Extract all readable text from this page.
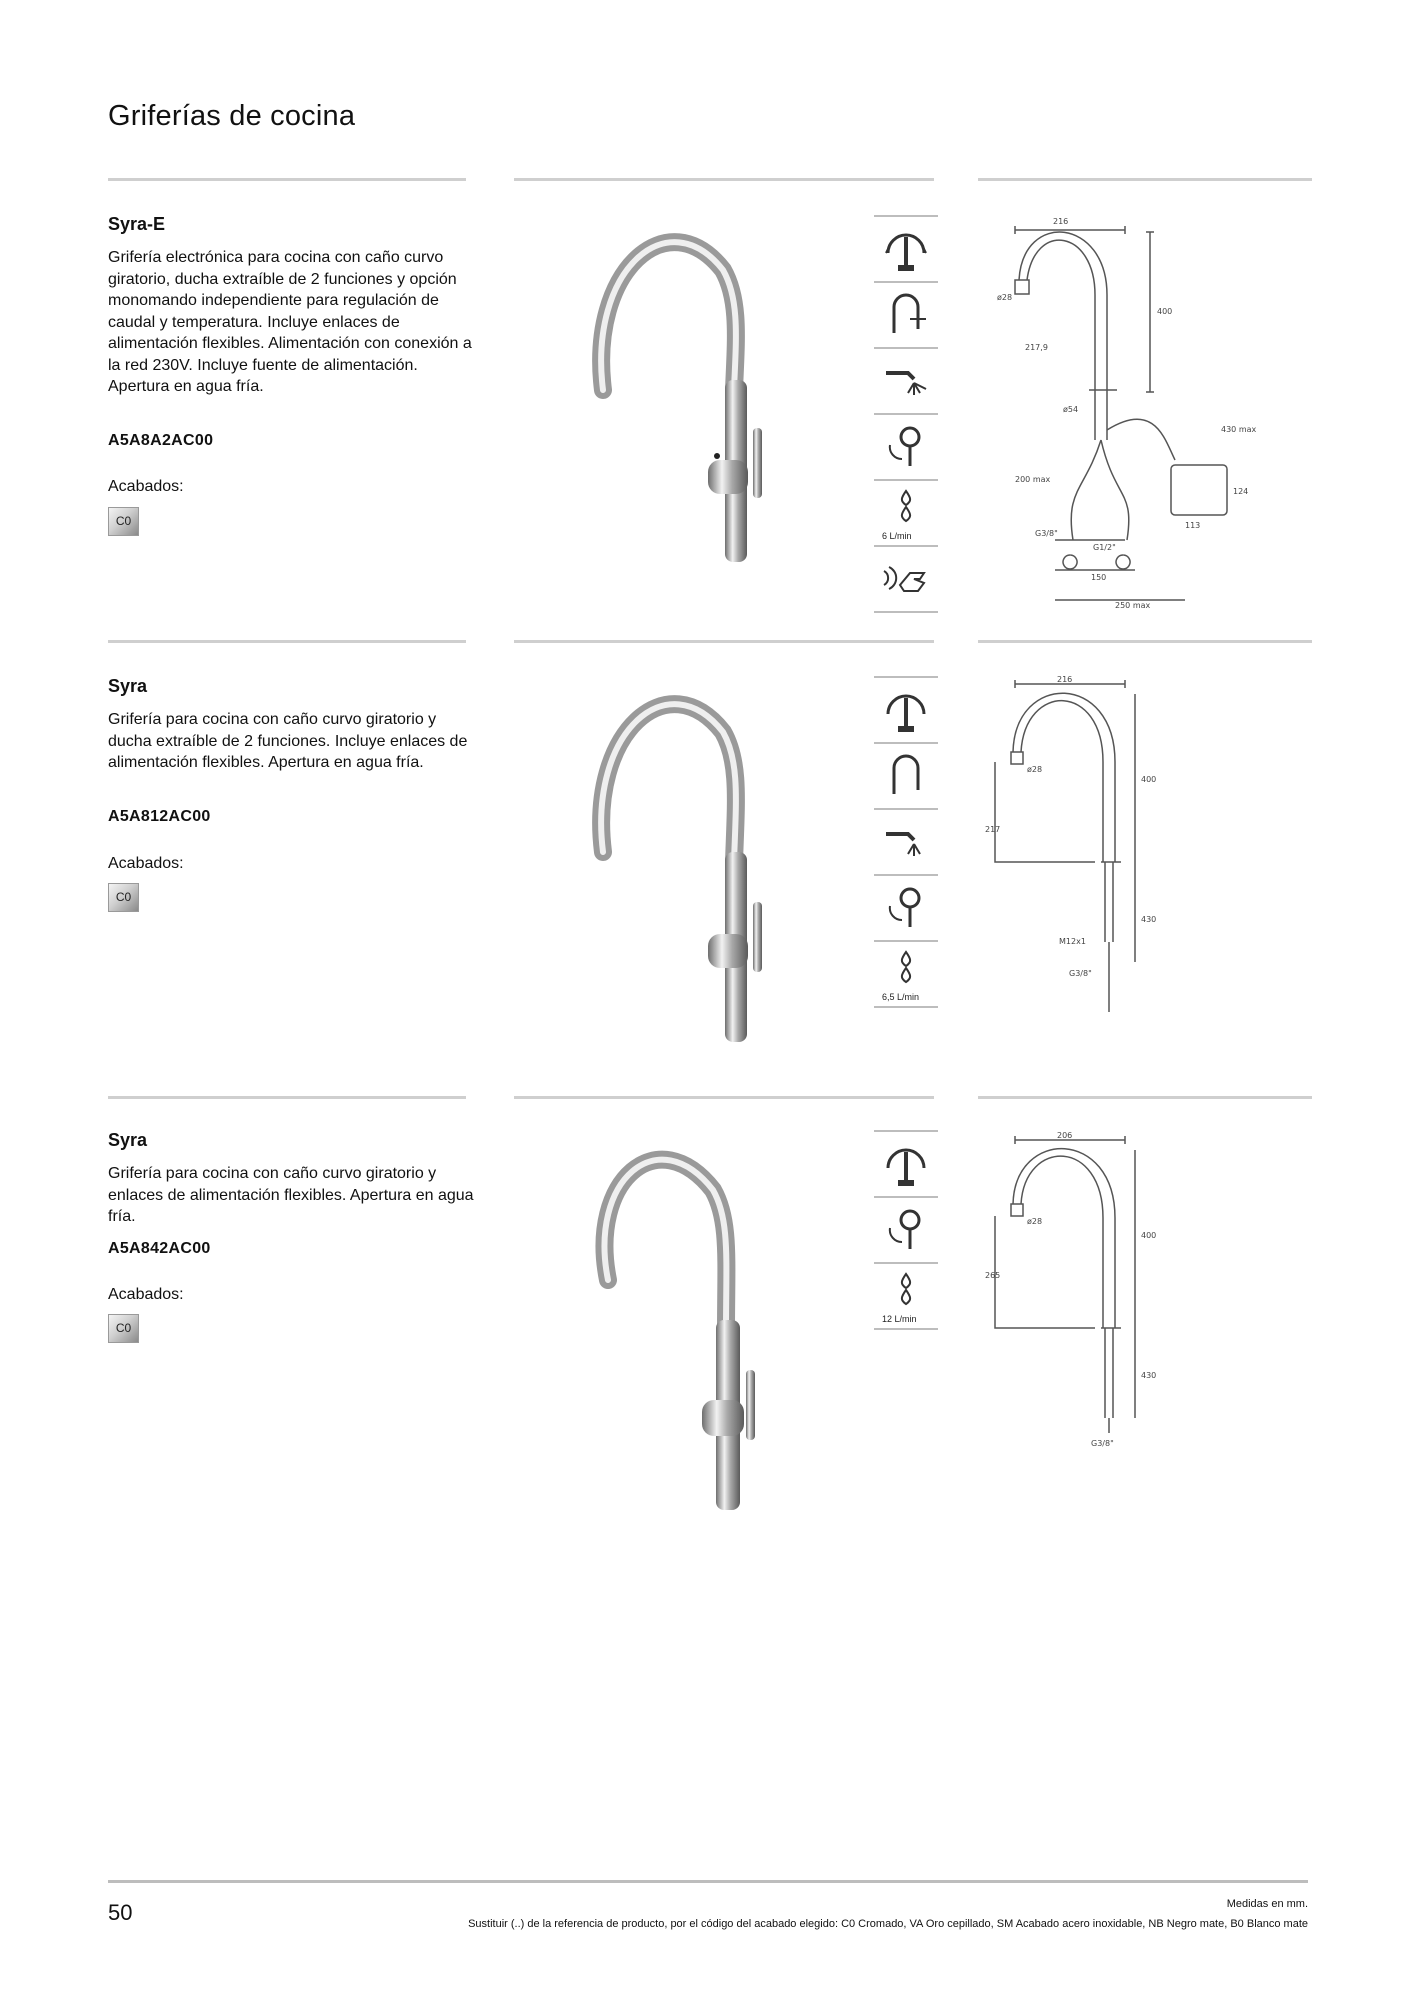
Griferías de cocina
Syra-E
Grifería electrónica para cocina con caño curvo giratorio, ducha extraíble de 2 funciones y opción monomando independiente para regulación de caudal y temperatura. Incluye enlaces de alimentación flexibles. Alimentación con conexión a la red 230V. Incluye fuente de alimentación. Apertura en agua fría.
A5A8A2AC00
Acabados:
C0
6 L/min
216
ø28
400
217,9
ø54
430 max
200 max
124
113
G3/8"
G1/2"
150
250 max
Syra
Grifería para cocina con caño curvo giratorio y ducha extraíble de 2 funciones. Incluye enlaces de alimentación flexibles. Apertura en agua fría.
A5A812AC00
Acabados:
C0
6,5 L/min
216
ø28
400
217
430
M12x1
G3/8"
Syra
Grifería para cocina con caño curvo giratorio y enlaces de alimentación flexibles. Apertura en agua fría.
A5A842AC00
Acabados:
C0
12 L/min
206
ø28
400
265
430
G3/8"
50	Medidas en mm.
Sustituir (..) de la referencia de producto, por el código del acabado elegido: C0 Cromado, VA Oro cepillado, SM Acabado acero inoxidable, NB Negro mate, B0 Blanco mate
